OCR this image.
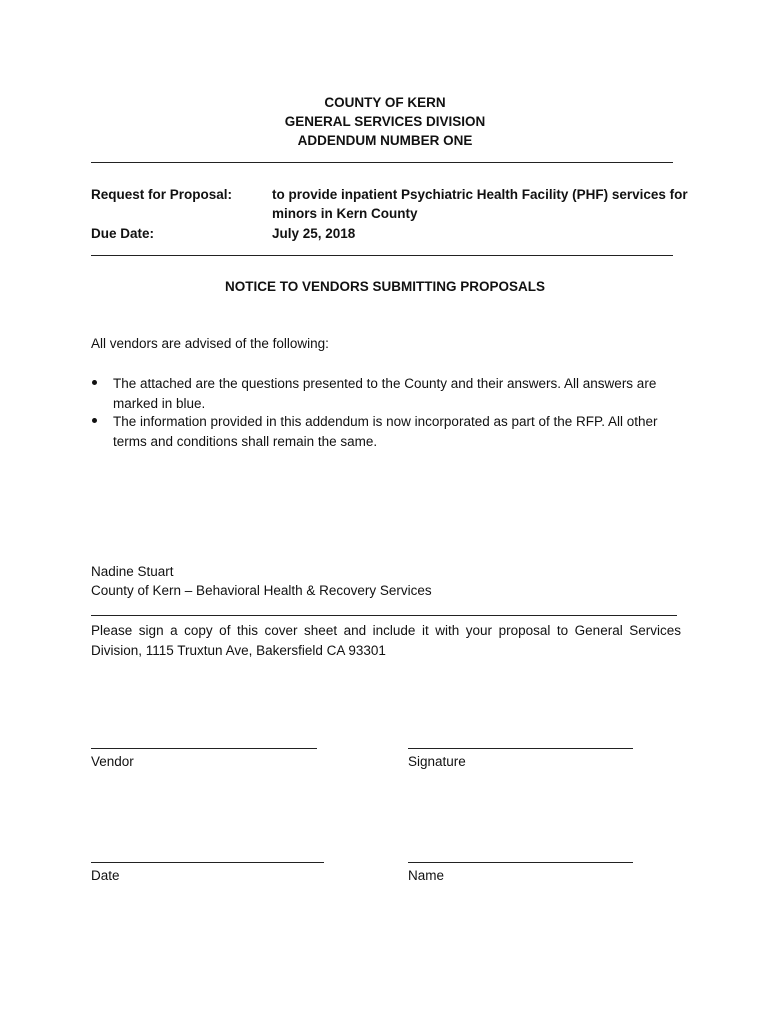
COUNTY OF KERN
GENERAL SERVICES DIVISION
ADDENDUM NUMBER ONE
Request for Proposal:	to provide inpatient Psychiatric Health Facility (PHF) services for
minors in Kern County
Due Date:	July 25, 2018
NOTICE TO VENDORS SUBMITTING PROPOSALS
All vendors are advised of the following:
The attached are the questions presented to the County and their answers. All answers are marked in blue.
The information provided in this addendum is now incorporated as part of the RFP. All other terms and conditions shall remain the same.
Nadine Stuart
County of Kern – Behavioral Health & Recovery Services
Please sign a copy of this cover sheet and include it with your proposal to General Services Division, 1115 Truxtun Ave, Bakersfield CA 93301
Vendor	Signature
Date	Name
